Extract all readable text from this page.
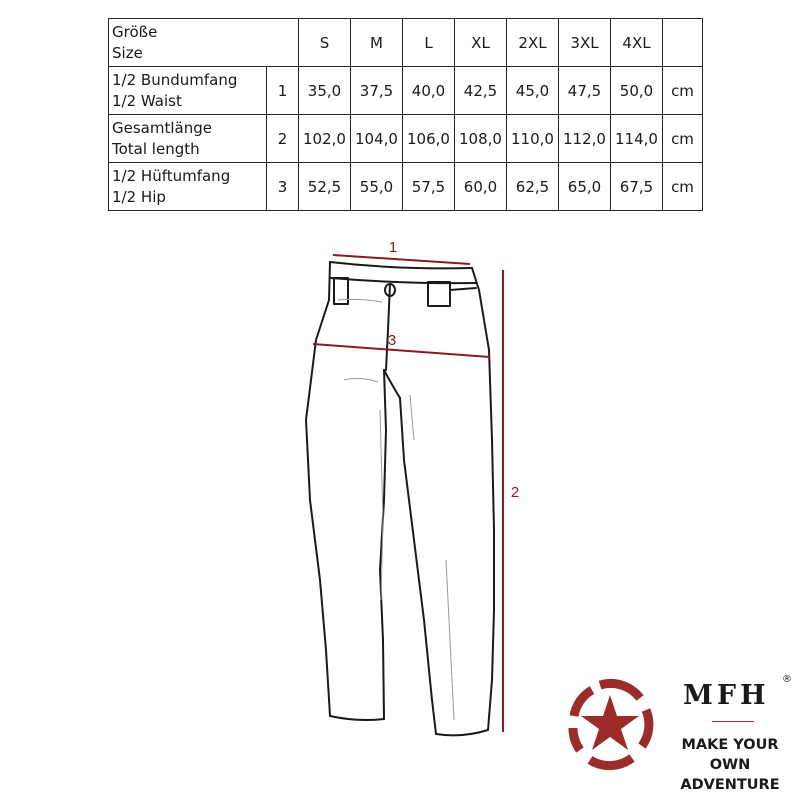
Größe
Size		S	M	L	XL	2XL	3XL	4XL	

1/2 Bundumfang
1/2 Waist	1	35,0	37,5	40,0	42,5	45,0	47,5	50,0	cm

Gesamtlänge
Total length	2	102,0	104,0	106,0	108,0	110,0	112,0	114,0	cm

1/2 Hüftumfang
1/2 Hip	3	52,5	55,0	57,5	60,0	62,5	65,0	67,5	cm
1
3
2
MFH
®
MAKE YOUR OWN
ADVENTURE
